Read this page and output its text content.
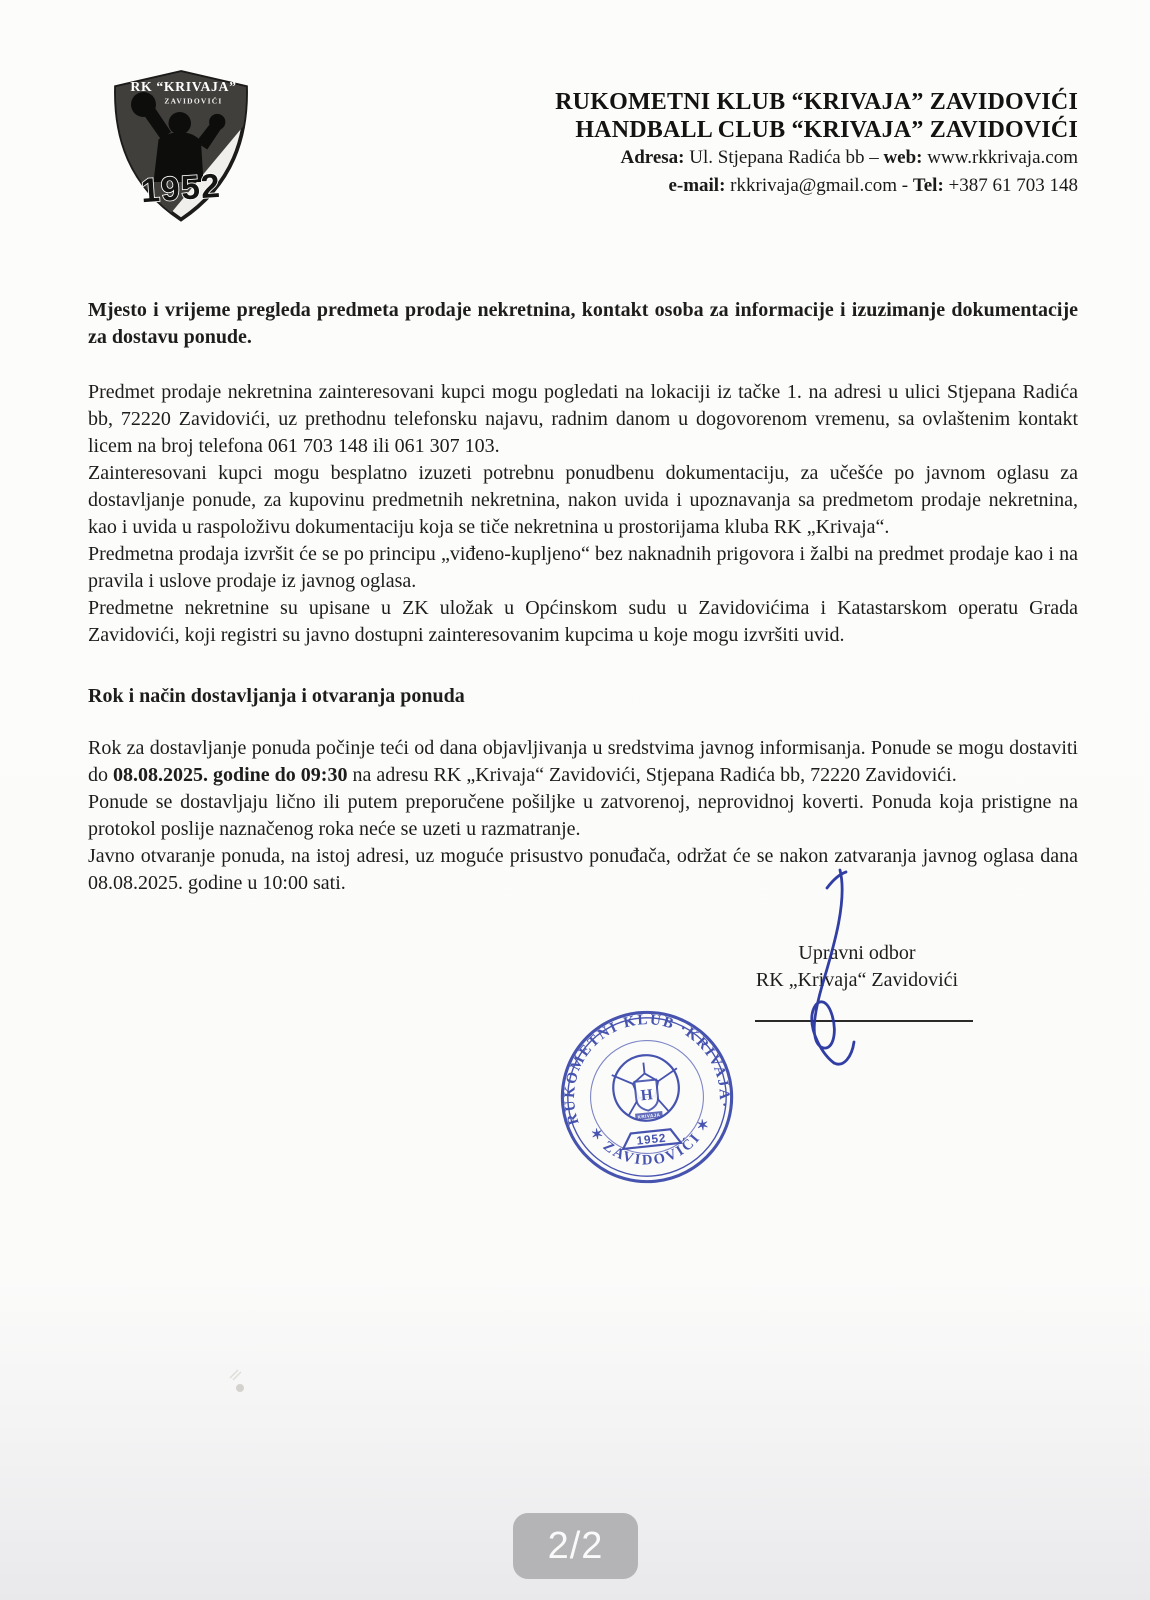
RK “KRIVAJA”
ZAVIDOVIĆI
1952
RUKOMETNI KLUB “KRIVAJA” ZAVIDOVIĆI
HANDBALL CLUB “KRIVAJA” ZAVIDOVIĆI
Adresa: Ul. Stjepana Radića bb – web: www.rkkrivaja.com
e-mail: rkkrivaja@gmail.com - Tel: +387 61 703 148

Mjesto i vrijeme pregleda predmeta prodaje nekretnina, kontakt osoba za informacije i izuzimanje dokumentacije za dostavu ponude.

Predmet prodaje nekretnina zainteresovani kupci mogu pogledati na lokaciji iz tačke 1. na adresi u ulici Stjepana Radića bb, 72220 Zavidovići, uz prethodnu telefonsku najavu, radnim danom u dogovorenom vremenu, sa ovlaštenim kontakt licem na broj telefona 061 703 148 ili 061 307 103.

Zainteresovani kupci mogu besplatno izuzeti potrebnu ponudbenu dokumentaciju, za učešće po javnom oglasu za dostavljanje ponude, za kupovinu predmetnih nekretnina, nakon uvida i upoznavanja sa predmetom prodaje nekretnina, kao i uvida u raspoloživu dokumentaciju koja se tiče nekretnina u prostorijama kluba RK „Krivaja“.

Predmetna prodaja izvršit će se po principu „viđeno-kupljeno“ bez naknadnih prigovora i žalbi na predmet prodaje kao i na pravila i uslove prodaje iz javnog oglasa.

Predmetne nekretnine su upisane u ZK uložak u Općinskom sudu u Zavidovićima i Katastarskom operatu Grada Zavidovići, koji registri su javno dostupni zainteresovanim kupcima u koje mogu izvršiti uvid.

Rok i način dostavljanja i otvaranja ponuda

Rok za dostavljanje ponuda počinje teći od dana objavljivanja u sredstvima javnog informisanja. Ponude se mogu dostaviti do 08.08.2025. godine do 09:30 na adresu RK „Krivaja“ Zavidovići, Stjepana Radića bb, 72220 Zavidovići.

Ponude se dostavljaju lično ili putem preporučene pošiljke u zatvorenoj, neprovidnoj koverti. Ponuda koja pristigne na protokol poslije naznačenog roka neće se uzeti u razmatranje.

Javno otvaranje ponuda, na istoj adresi, uz moguće prisustvo ponuđača, održat će se nakon zatvaranja javnog oglasa dana 08.08.2025. godine u 10:00 sati.

Upravni odbor
RK „Krivaja“ Zavidovići
H
KRIVAJA
1952
RUKOMETNI KLUB ·KRIVAJA·
✶ ZAVIDOVIĆI ✶
2/2
